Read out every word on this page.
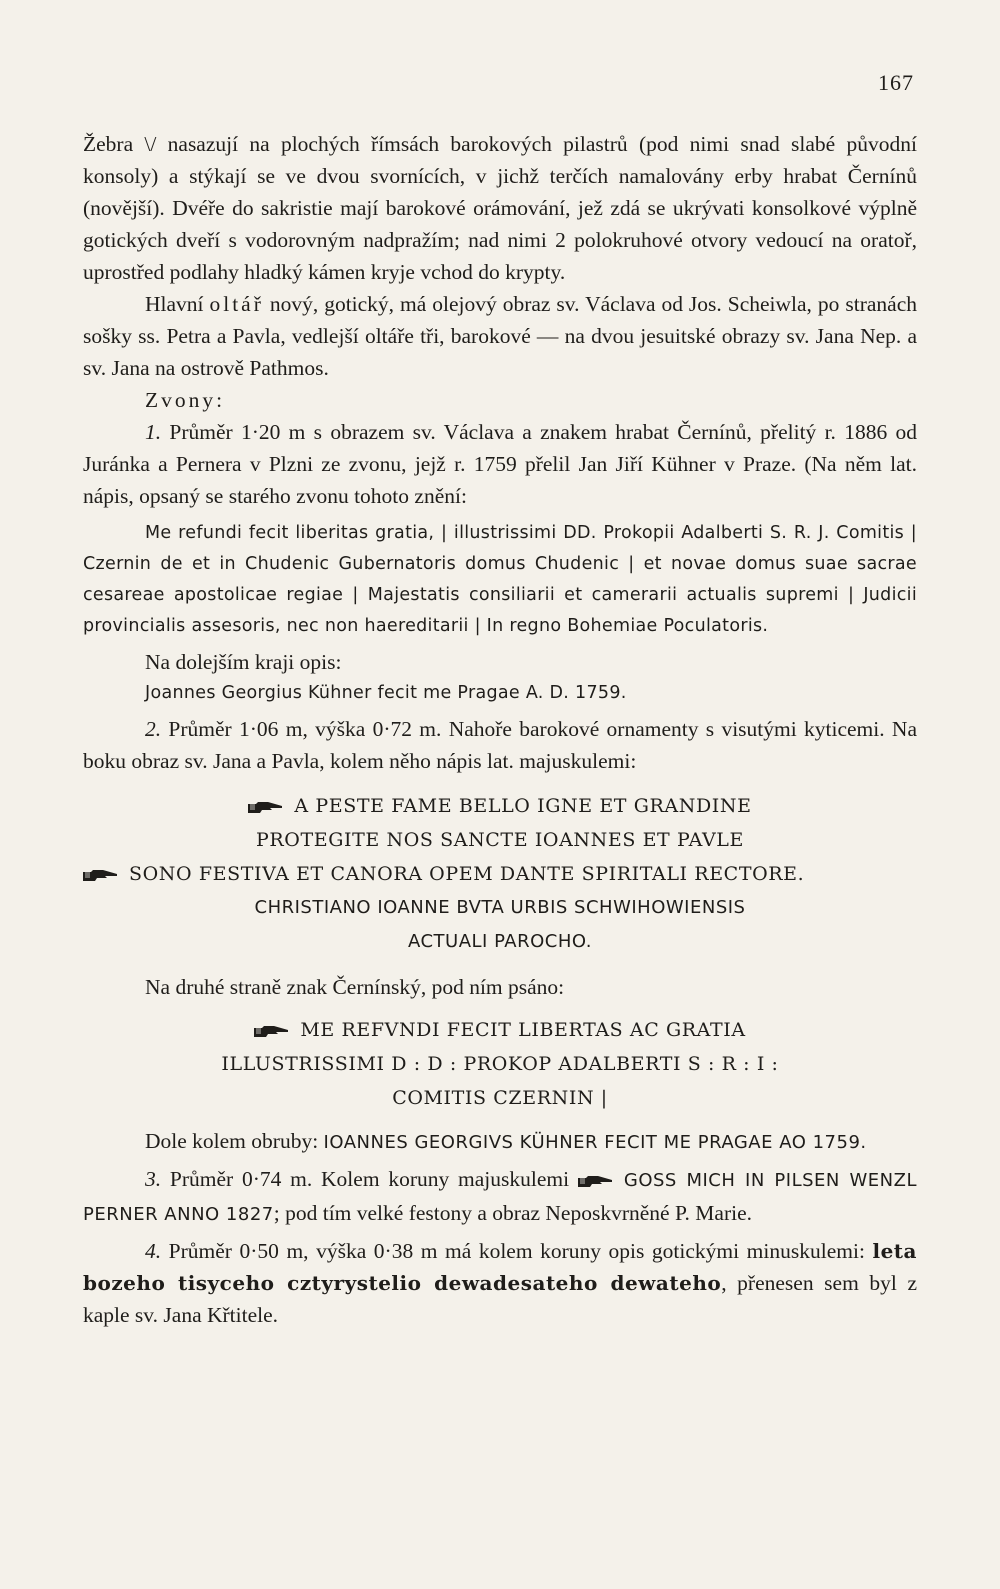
167

Žebra \/ nasazují na plochých římsách barokových pilastrů (pod nimi snad slabé původní konsoly) a stýkají se ve dvou svornících, v jichž terčích namalovány erby hrabat Černínů (novější). Dvéře do sakristie mají barokové orámování, jež zdá se ukrývati konsolkové výplně gotických dveří s vodorovným nadpražím; nad nimi 2 polokruhové otvory vedoucí na oratoř, uprostřed podlahy hladký kámen kryje vchod do krypty.

Hlavní oltář nový, gotický, má olejový obraz sv. Václava od Jos. Scheiwla, po stranách sošky ss. Petra a Pavla, vedlejší oltáře tři, barokové — na dvou jesuitské obrazy sv. Jana Nep. a sv. Jana na ostrově Pathmos.

Zvony:

1. Průměr 1·20 m s obrazem sv. Václava a znakem hrabat Černínů, přelitý r. 1886 od Juránka a Pernera v Plzni ze zvonu, jejž r. 1759 přelil Jan Jiří Kühner v Praze. (Na něm lat. nápis, opsaný se starého zvonu tohoto znění:

Me refundi fecit liberitas gratia, | illustrissimi DD. Prokopii Adalberti S. R. J. Comitis | Czernin de et in Chudenic Gubernatoris domus Chudenic | et novae domus suae sacrae cesareae apostolicae regiae | Majestatis consiliarii et camerarii actualis supremi | Judicii provincialis assesoris, nec non haereditarii | In regno Bohemiae Poculatoris.

Na dolejším kraji opis:

Joannes Georgius Kühner fecit me Pragae A. D. 1759.

2. Průměr 1·06 m, výška 0·72 m. Nahoře barokové ornamenty s visutými kyticemi. Na boku obraz sv. Jana a Pavla, kolem něho nápis lat. majuskulemi:

A PESTE FAME BELLO IGNE ET GRANDINE

PROTEGITE NOS SANCTE IOANNES ET PAVLE

SONO FESTIVA ET CANORA OPEM DANTE SPIRITALI RECTORE.

CHRISTIANO IOANNE BVTA URBIS SCHWIHOWIENSIS

ACTUALI PAROCHO.

Na druhé straně znak Černínský, pod ním psáno:

ME REFVNDI FECIT LIBERTAS AC GRATIA

ILLUSTRISSIMI D : D : PROKOP ADALBERTI S : R : I :

COMITIS CZERNIN |

Dole kolem obruby: IOANNES GEORGIVS KÜHNER FECIT ME PRAGAE AO 1759.

3. Průměr 0·74 m. Kolem koruny majuskulemi	GOSS MICH IN PILSEN WENZL PERNER ANNO 1827; pod tím velké festony a obraz Neposkvrněné P. Marie.

4. Průměr 0·50 m, výška 0·38 m má kolem koruny opis gotickými minuskulemi: leta bozeho tisyceho cztyrystelio dewadesateho dewateho, přenesen sem byl z kaple sv. Jana Křtitele.
